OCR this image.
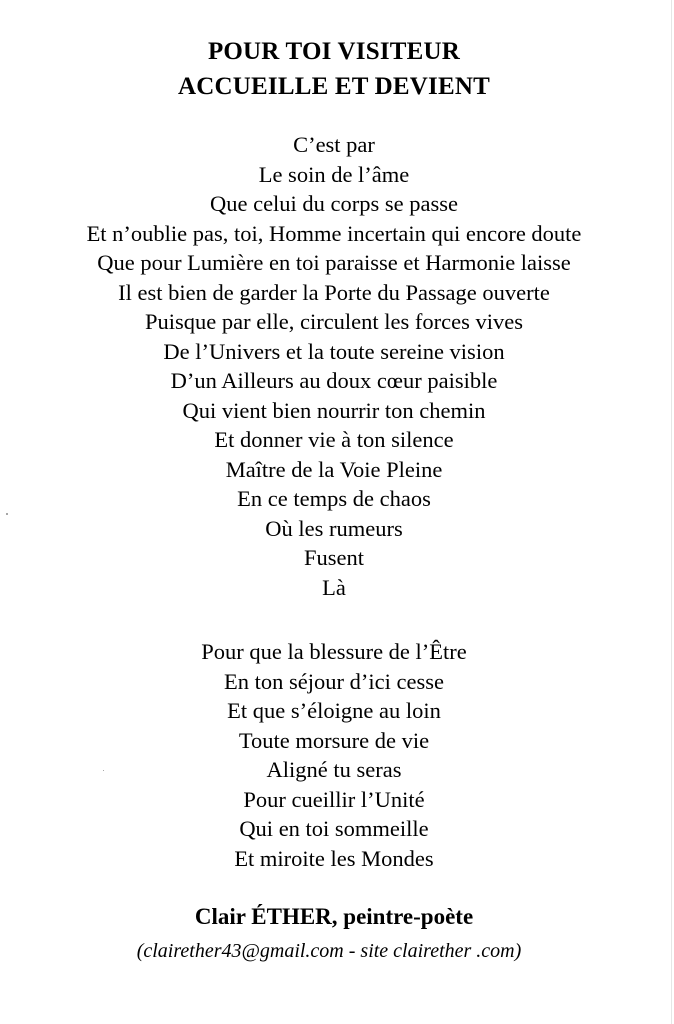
POUR TOI VISITEUR
ACCUEILLE ET DEVIENT
C’est par
Le soin de l’âme
Que celui du corps se passe
Et n’oublie pas, toi, Homme incertain qui encore doute
Que pour Lumière en toi paraisse et Harmonie laisse
Il est bien de garder la Porte du Passage ouverte
Puisque par elle, circulent les forces vives
De l’Univers et la toute sereine vision
D’un Ailleurs au doux cœur paisible
Qui vient bien nourrir ton chemin
Et donner vie à ton silence
Maître de la Voie Pleine
En ce temps de chaos
Où les rumeurs
Fusent
Là
Pour que la blessure de l’Être
En ton séjour d’ici cesse
Et que s’éloigne au loin
Toute morsure de vie
Aligné tu seras
Pour cueillir l’Unité
Qui en toi sommeille
Et miroite les Mondes
Clair ÉTHER, peintre-poète
(clairether43@gmail.com - site clairether .com)
